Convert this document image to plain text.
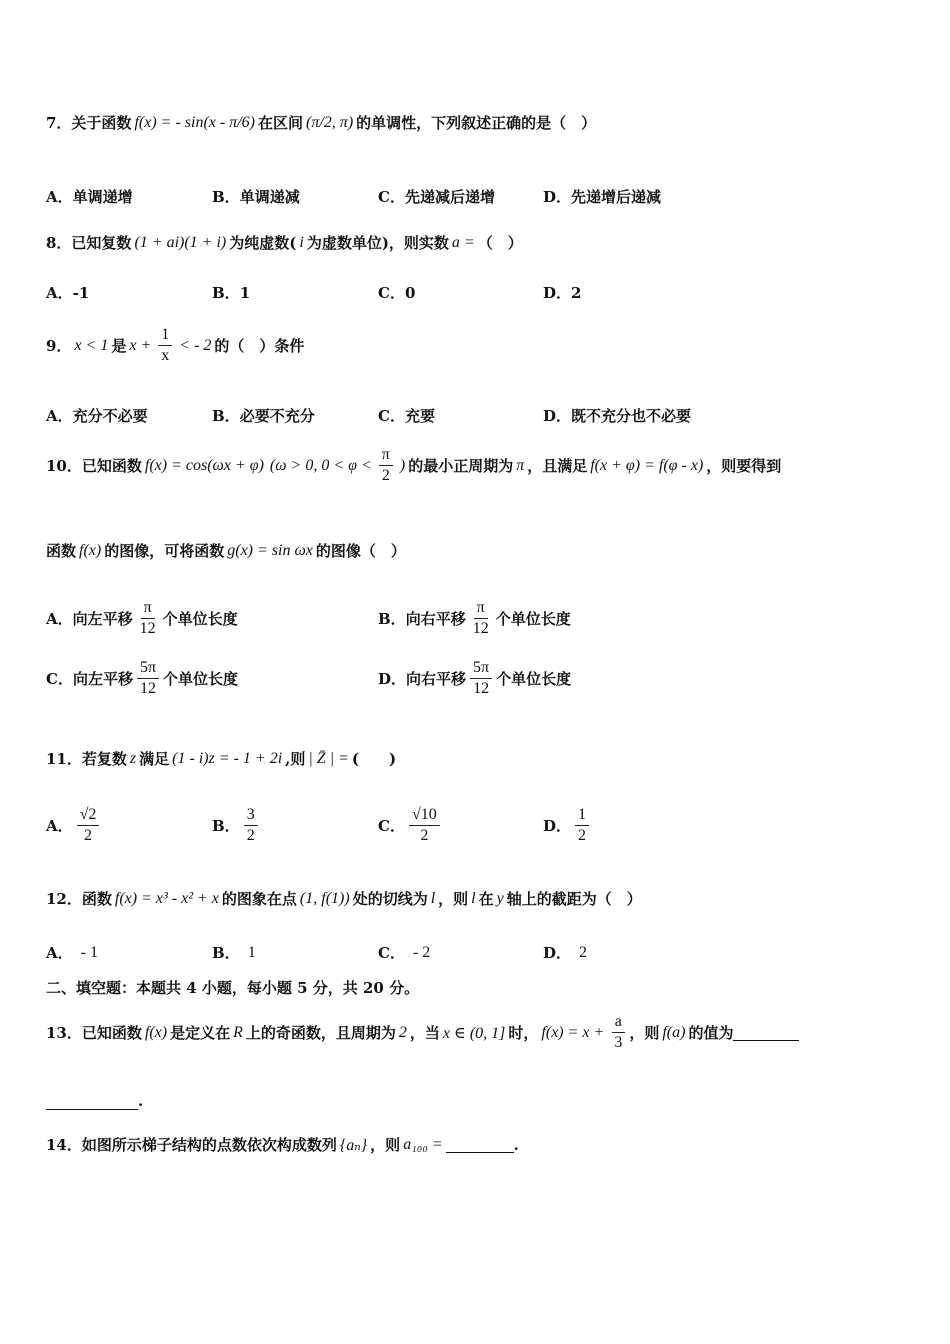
7．关于函数 f(x) = - sin(x - π/6) 在区间 (π/2, π) 的单调性，下列叙述正确的是（　）
A． 单调递增	B． 单调递减	C． 先递减后递增	D． 先递增后递减
8．已知复数 (1 + ai)(1 + i) 为纯虚数( i 为虚数单位)，则实数 a = （　）
A． -1	B． 1	C． 0	D． 2
9． x < 1 是 $x + \frac{1}{x}$ < - 2 的（　）条件
A． 充分不必要	B． 必要不充分	C． 充要	D． 既不充分也不必要
10．已知函数 f(x) = cos(ωx + φ) (ω > 0, $0 < \varphi < \frac{\pi}{2}$ ) 的最小正周期为 π ，且满足 f(x + φ) = f(φ - x) ，则要得到
函数 f(x) 的图像，可将函数 g(x) = sin ωx 的图像（　）
A． 向左平移 $\frac{\pi}{12}$ 个单位长度	B． 向右平移 $\frac{\pi}{12}$ 个单位长度
C． 向左平移 $\frac{5\pi}{12}$ 个单位长度	D． 向右平移 $\frac{5\pi}{12}$ 个单位长度
11．若复数 z 满足 (1 - i)z = - 1 + 2i ,则 | Z̄ | = (　　)
A． $\frac{√2}{2}$	B． $\frac{3}{2}$	C． $\frac{√10}{2}$	D． $\frac{1}{2}$
12．函数 f(x) = x³ - x² + x 的图象在点 (1, f(1)) 处的切线为 l ，则 l 在 y 轴上的截距为（　）
A． - 1	B． 1	C． - 2	D． 2
二、填空题：本题共 4 小题，每小题 5 分，共 20 分。
13．已知函数 f(x) 是定义在 R 上的奇函数，且周期为 2 ，当 x ∈ (0, 1] 时， $f(x) = x + \frac{a}{3}$ ，则 f(a) 的值为
.
14．如图所示梯子结构的点数依次构成数列 {aₙ} ，则 a₁₀₀ =	.
